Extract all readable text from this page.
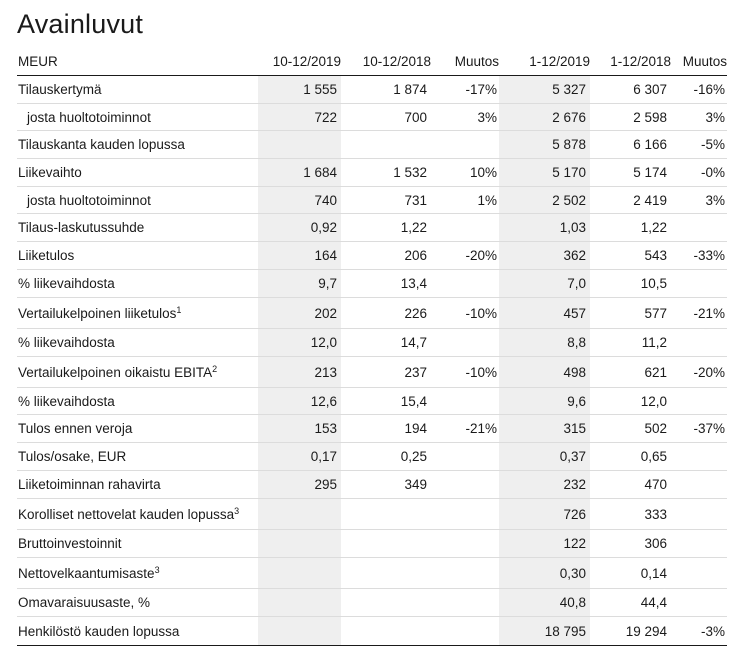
Avainluvut
MEUR	10-12/2019	10-12/2018	Muutos	1-12/2019	1-12/2018	Muutos
Tilauskertymä	1 555	1 874	-17%	5 327	6 307	-16%
josta huoltotoiminnot	722	700	3%	2 676	2 598	3%
Tilauskanta kauden lopussa				5 878	6 166	-5%
Liikevaihto	1 684	1 532	10%	5 170	5 174	-0%
josta huoltotoiminnot	740	731	1%	2 502	2 419	3%
Tilaus-laskutussuhde	0,92	1,22		1,03	1,22	
Liiketulos	164	206	-20%	362	543	-33%
% liikevaihdosta	9,7	13,4		7,0	10,5	
Vertailukelpoinen liiketulos$^1$	202	226	-10%	457	577	-21%
% liikevaihdosta	12,0	14,7		8,8	11,2	
Vertailukelpoinen oikaistu EBITA$^2$	213	237	-10%	498	621	-20%
% liikevaihdosta	12,6	15,4		9,6	12,0	
Tulos ennen veroja	153	194	-21%	315	502	-37%
Tulos/osake, EUR	0,17	0,25		0,37	0,65	
Liiketoiminnan rahavirta	295	349		232	470	
Korolliset nettovelat kauden lopussa$^3$				726	333	
Bruttoinvestoinnit				122	306	
Nettovelkaantumisaste$^3$				0,30	0,14	
Omavaraisuusaste, %				40,8	44,4	
Henkilöstö kauden lopussa				18 795	19 294	-3%
